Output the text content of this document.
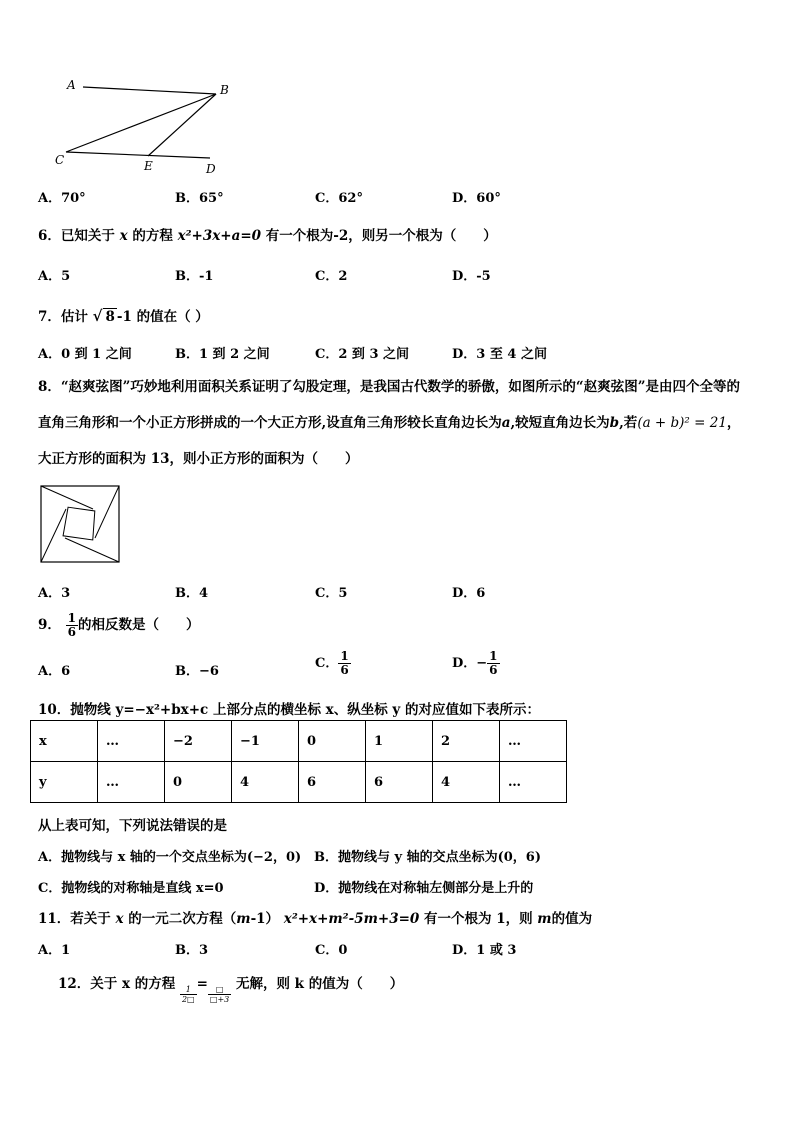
A	B
C	E	D
A．70°	B．65°	C．62°	D．60°
6．已知关于 x 的方程 x²+3x+a=0 有一个根为-2，则另一个根为（　　）
A．5	B．-1	C．2	D．-5
7．估计 √ 8 -1 的值在（ ）
A．0 到 1 之间	B．1 到 2 之间	C．2 到 3 之间	D．3 至 4 之间
8．“赵爽弦图”巧妙地利用面积关系证明了勾股定理，是我国古代数学的骄傲，如图所示的“赵爽弦图”是由四个全等的
直角三角形和一个小正方形拼成的一个大正方形,设直角三角形较长直角边长为a,较短直角边长为b,若(a + b)² = 21，
大正方形的面积为 13，则小正方形的面积为（　　）
A．3	B．4	C．5	D．6
9． $\frac{1}{6}$ 的相反数是（　　）
A．6	B．−6
C． $\frac{1}{6}$	D．− $\frac{1}{6}$
10．抛物线 y=−x²+bx+c 上部分点的横坐标 x、纵坐标 y 的对应值如下表所示：
x	…	−2	−1	0	1	2	…
y	…	0	4	6	6	4	…
从上表可知，下列说法错误的是
A．抛物线与 x 轴的一个交点坐标为(−2，0) B．抛物线与 y 轴的交点坐标为(0，6)
C．抛物线的对称轴是直线 x=0	D．抛物线在对称轴左侧部分是上升的
11．若关于 x 的一元二次方程（m-1） x²+x+m²-5m+3=0 有一个根为 1，则 m的值为
A．1	B．3	C．0	D．1 或 3
12．关于 x 的方程
$\frac{1}{2□}$
=
$\frac{□}{□+3}$
无解，则 k 的值为（　　）
